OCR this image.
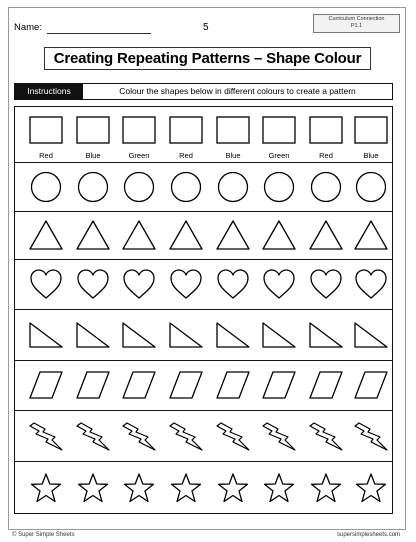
Name:	5
Curriculum Connection
P1.1
Creating Repeating Patterns – Shape Colour
Instructions	Colour the shapes below in different colours to create a pattern
Red	Blue	Green	Red	Blue	Green	Red	Blue
© Super Simple Sheets	supersimplesheets.com
